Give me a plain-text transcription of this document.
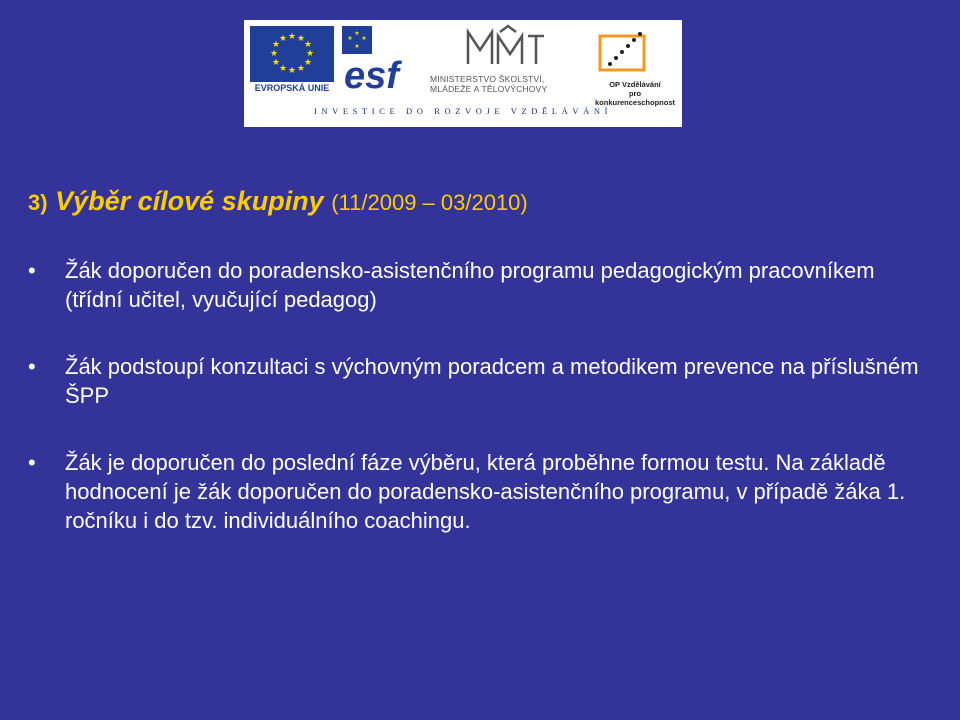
★ ★
★
★
★
★
★
★
★
★
★
★
EVROPSKÁ UNIE
★
★
★
★
esf	MINISTERSTVO ŠKOLSTVÍ,
MLÁDEŽE A TĚLOVÝCHOVY	OP Vzdělávání
pro konkurenceschopnost
INVESTICE DO ROZVOJE VZDĚLÁVÁNÍ
3) Výběr cílové skupiny (11/2009 – 03/2010)
•	Žák doporučen do poradensko-asistenčního programu pedagogickým pracovníkem (třídní učitel, vyučující pedagog)
•	Žák podstoupí konzultaci s výchovným poradcem a metodikem prevence na příslušném ŠPP
•	Žák je doporučen do poslední fáze výběru, která proběhne formou testu. Na základě hodnocení je žák doporučen do poradensko-asistenčního programu, v případě žáka 1. ročníku i do tzv. individuálního coachingu.
